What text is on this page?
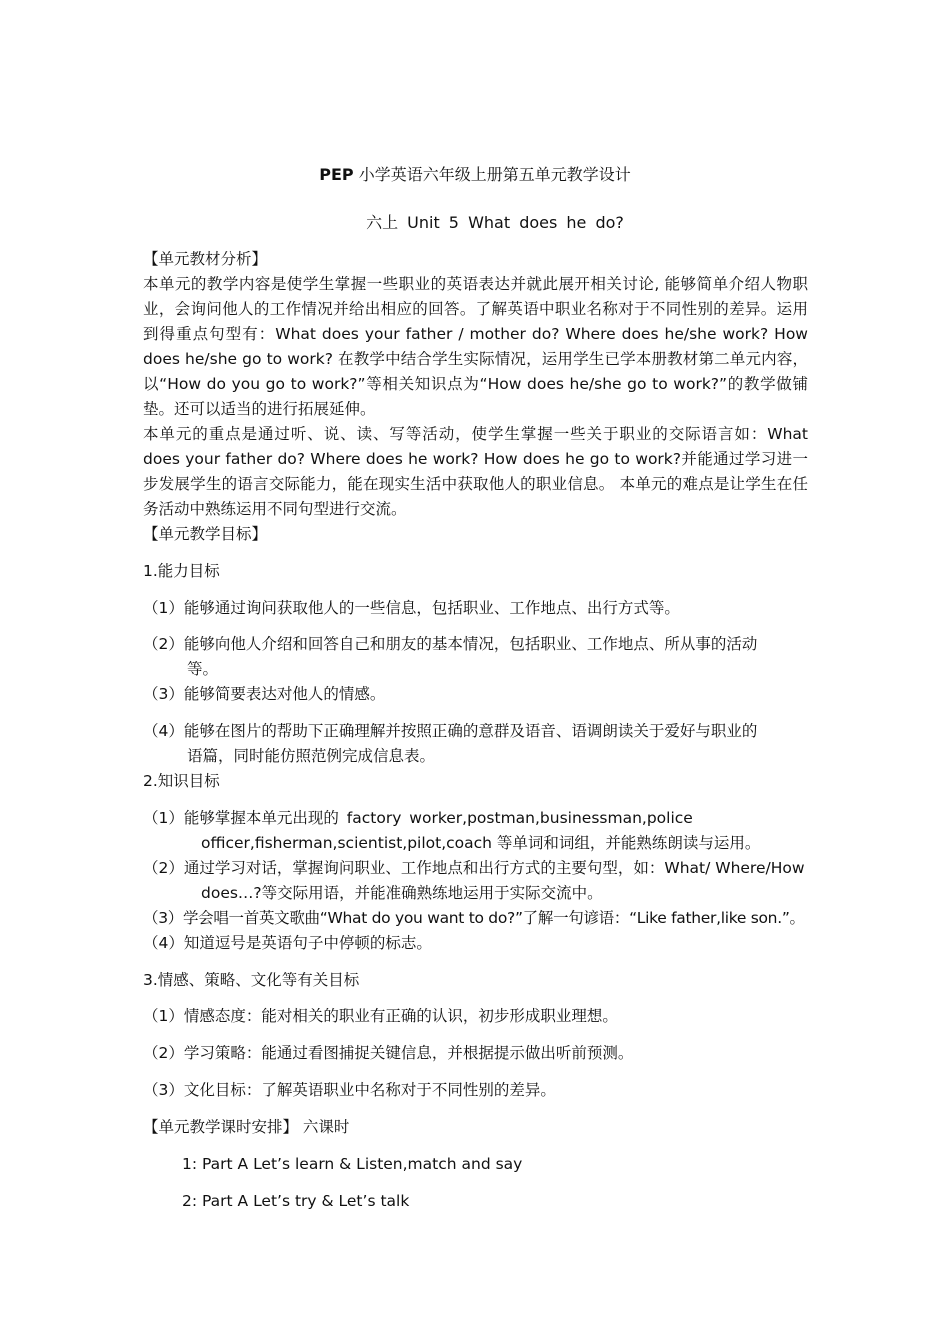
PEP 小学英语六年级上册第五单元教学设计
六上 Unit 5 What does he do?
【单元教材分析】
本单元的教学内容是使学生掌握一些职业的英语表达并就此展开相关讨论, 能够简单介绍人物职业，会询问他人的工作情况并给出相应的回答。了解英语中职业名称对于不同性别的差异。运用到得重点句型有：What does your father / mother do? Where does he/she work? How does he/she go to work? 在教学中结合学生实际情况，运用学生已学本册教材第二单元内容，以“How do you go to work?”等相关知识点为“How does he/she go to work?”的教学做铺垫。还可以适当的进行拓展延伸。
本单元的重点是通过听、说、读、写等活动，使学生掌握一些关于职业的交际语言如：What does your father do? Where does he work? How does he go to work?并能通过学习进一步发展学生的语言交际能力，能在现实生活中获取他人的职业信息。 本单元的难点是让学生在任务活动中熟练运用不同句型进行交流。
【单元教学目标】
1.能力目标
（1）能够通过询问获取他人的一些信息，包括职业、工作地点、出行方式等。
（2）能够向他人介绍和回答自己和朋友的基本情况，包括职业、工作地点、所从事的活动
等。
（3）能够简要表达对他人的情感。
（4）能够在图片的帮助下正确理解并按照正确的意群及语音、语调朗读关于爱好与职业的
语篇，同时能仿照范例完成信息表。
2.知识目标
（1）能够掌握本单元出现的 factory worker,postman,businessman,police
officer,fisherman,scientist,pilot,coach 等单词和词组，并能熟练朗读与运用。
（2）通过学习对话，掌握询问职业、工作地点和出行方式的主要句型，如：What/ Where/How
does…?等交际用语，并能准确熟练地运用于实际交流中。
（3）学会唱一首英文歌曲“What do you want to do?”了解一句谚语：“Like father,like son.”。
（4）知道逗号是英语句子中停顿的标志。
3.情感、策略、文化等有关目标
（1）情感态度：能对相关的职业有正确的认识，初步形成职业理想。
（2）学习策略：能通过看图捕捉关键信息，并根据提示做出听前预测。
（3）文化目标：了解英语职业中名称对于不同性别的差异。
【单元教学课时安排】 六课时
1: Part A Let’s learn & Listen,match and say
2: Part A Let’s try & Let’s talk
